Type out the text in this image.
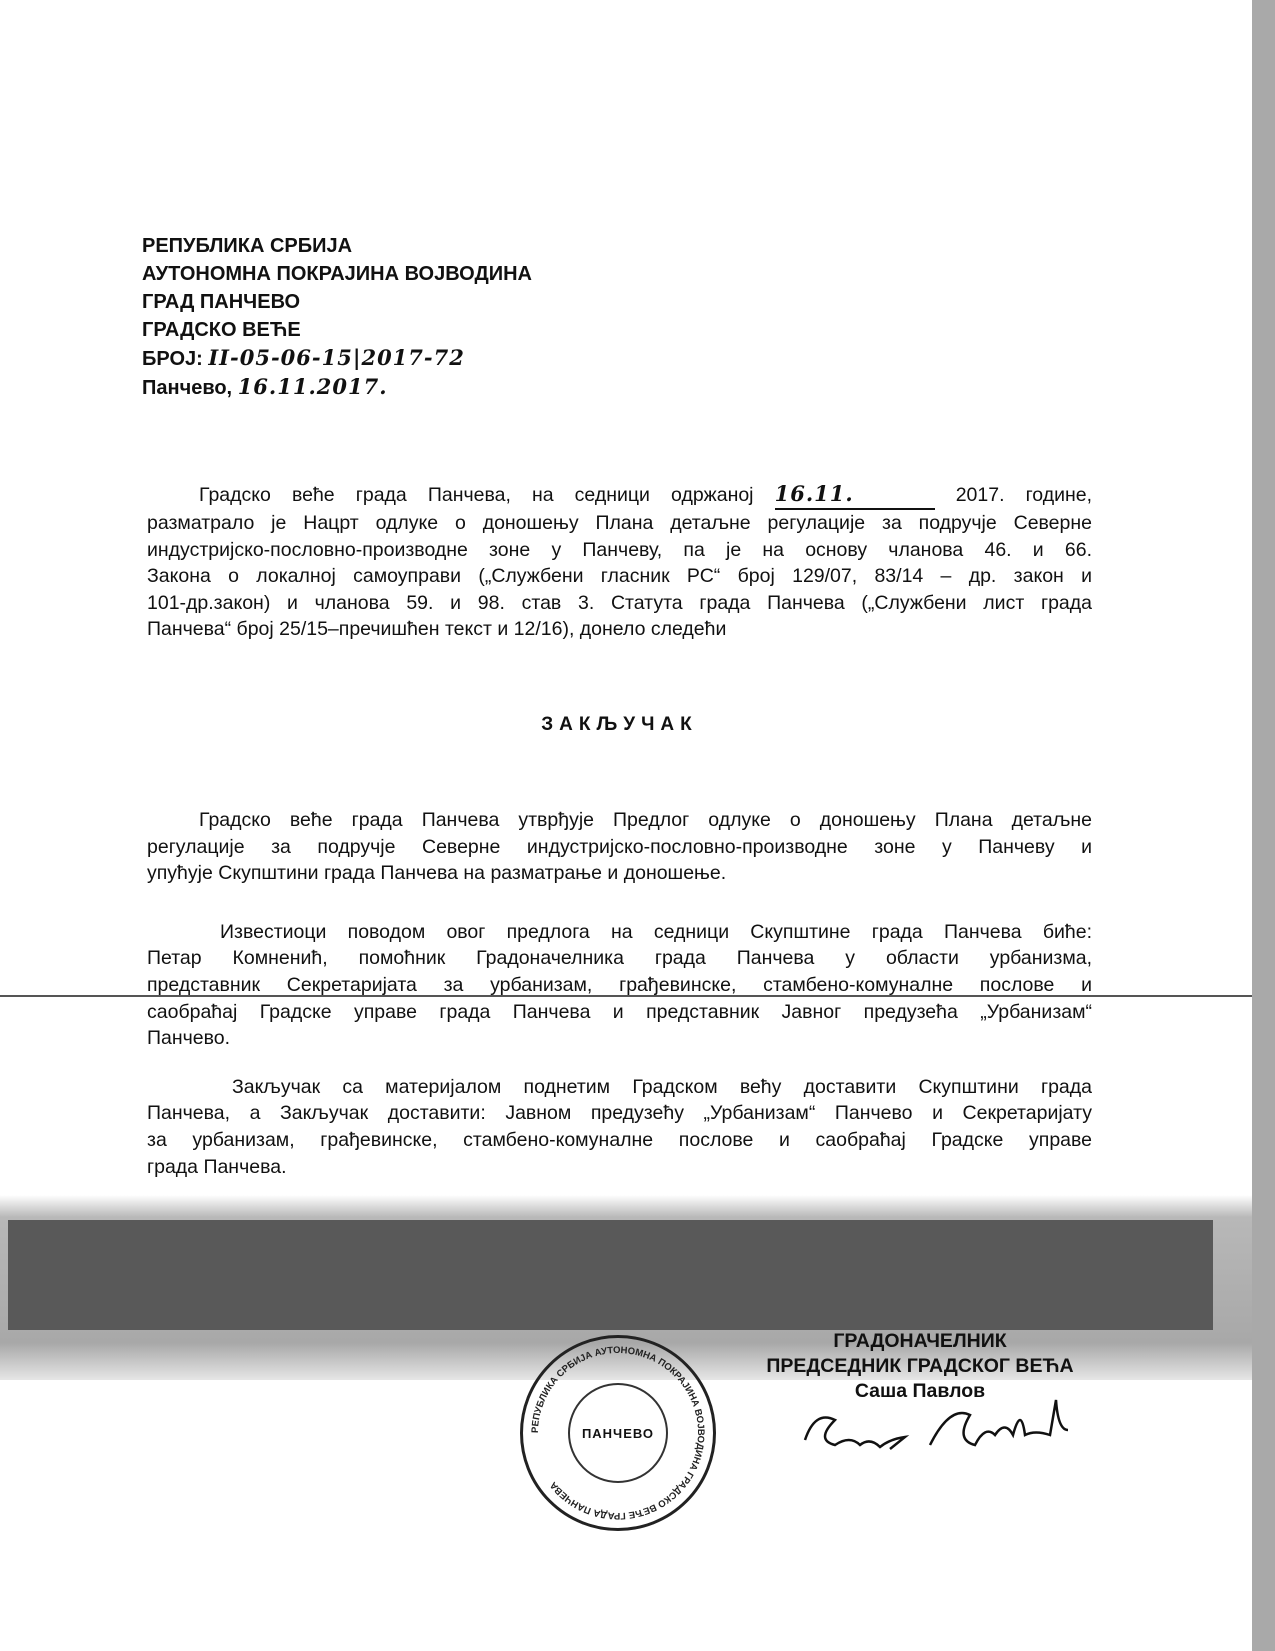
РЕПУБЛИКА СРБИЈА
АУТОНОМНА ПОКРАЈИНА ВОЈВОДИНА
ГРАД ПАНЧЕВО
ГРАДСКО ВЕЋЕ
БРОЈ: II-05-06-15|2017-72
Панчево, 16.11.2017.
Градско веће града Панчева, на седници одржаној 16.11.	2017. године,
разматрало је Нацрт одлуке о доношењу Плана детаљне регулације за подручје Северне
индустријско-пословно-производне зоне у Панчеву, па је на основу чланова 46. и 66.
Закона о локалној самоуправи („Службени гласник РС“ број 129/07, 83/14 – др. закон и
101-др.закон) и чланова 59. и 98. став 3. Статута града Панчева („Службени лист града
Панчева“ број 25/15–пречишћен текст и 12/16), донело следећи
ЗАКЉУЧАК
Градско веће града Панчева утврђује Предлог одлуке о доношењу Плана детаљне
регулације за подручје Северне индустријско-пословно-производне зоне у Панчеву и
упућује Скупштини града Панчева на разматрање и доношење.
Известиоци поводом овог предлога на седници Скупштине града Панчева биће:
Петар Комненић, помоћник Градоначелника града Панчева у области урбанизма,
представник Секретаријата за урбанизам, грађевинске, стамбено-комуналне послове и
саобраћај Градске управе града Панчева и представник Јавног предузећа „Урбанизам“
Панчево.
Закључак са материјалом поднетим Градском већу доставити Скупштини града
Панчева, а Закључак доставити: Јавном предузећу „Урбанизам“ Панчево и Секретаријату
за урбанизам, грађевинске, стамбено-комуналне послове и саобраћај Градске управе
града Панчева.
РЕПУБЛИКА СРБИЈА АУТОНОМНА ПОКРАЈИНА ВОЈВОДИНА ГРАДСКО ВЕЋЕ ГРАДА ПАНЧЕВА
ПАНЧЕВО
ГРАДОНАЧЕЛНИК
ПРЕДСЕДНИК ГРАДСКОГ ВЕЋА
Саша Павлов
